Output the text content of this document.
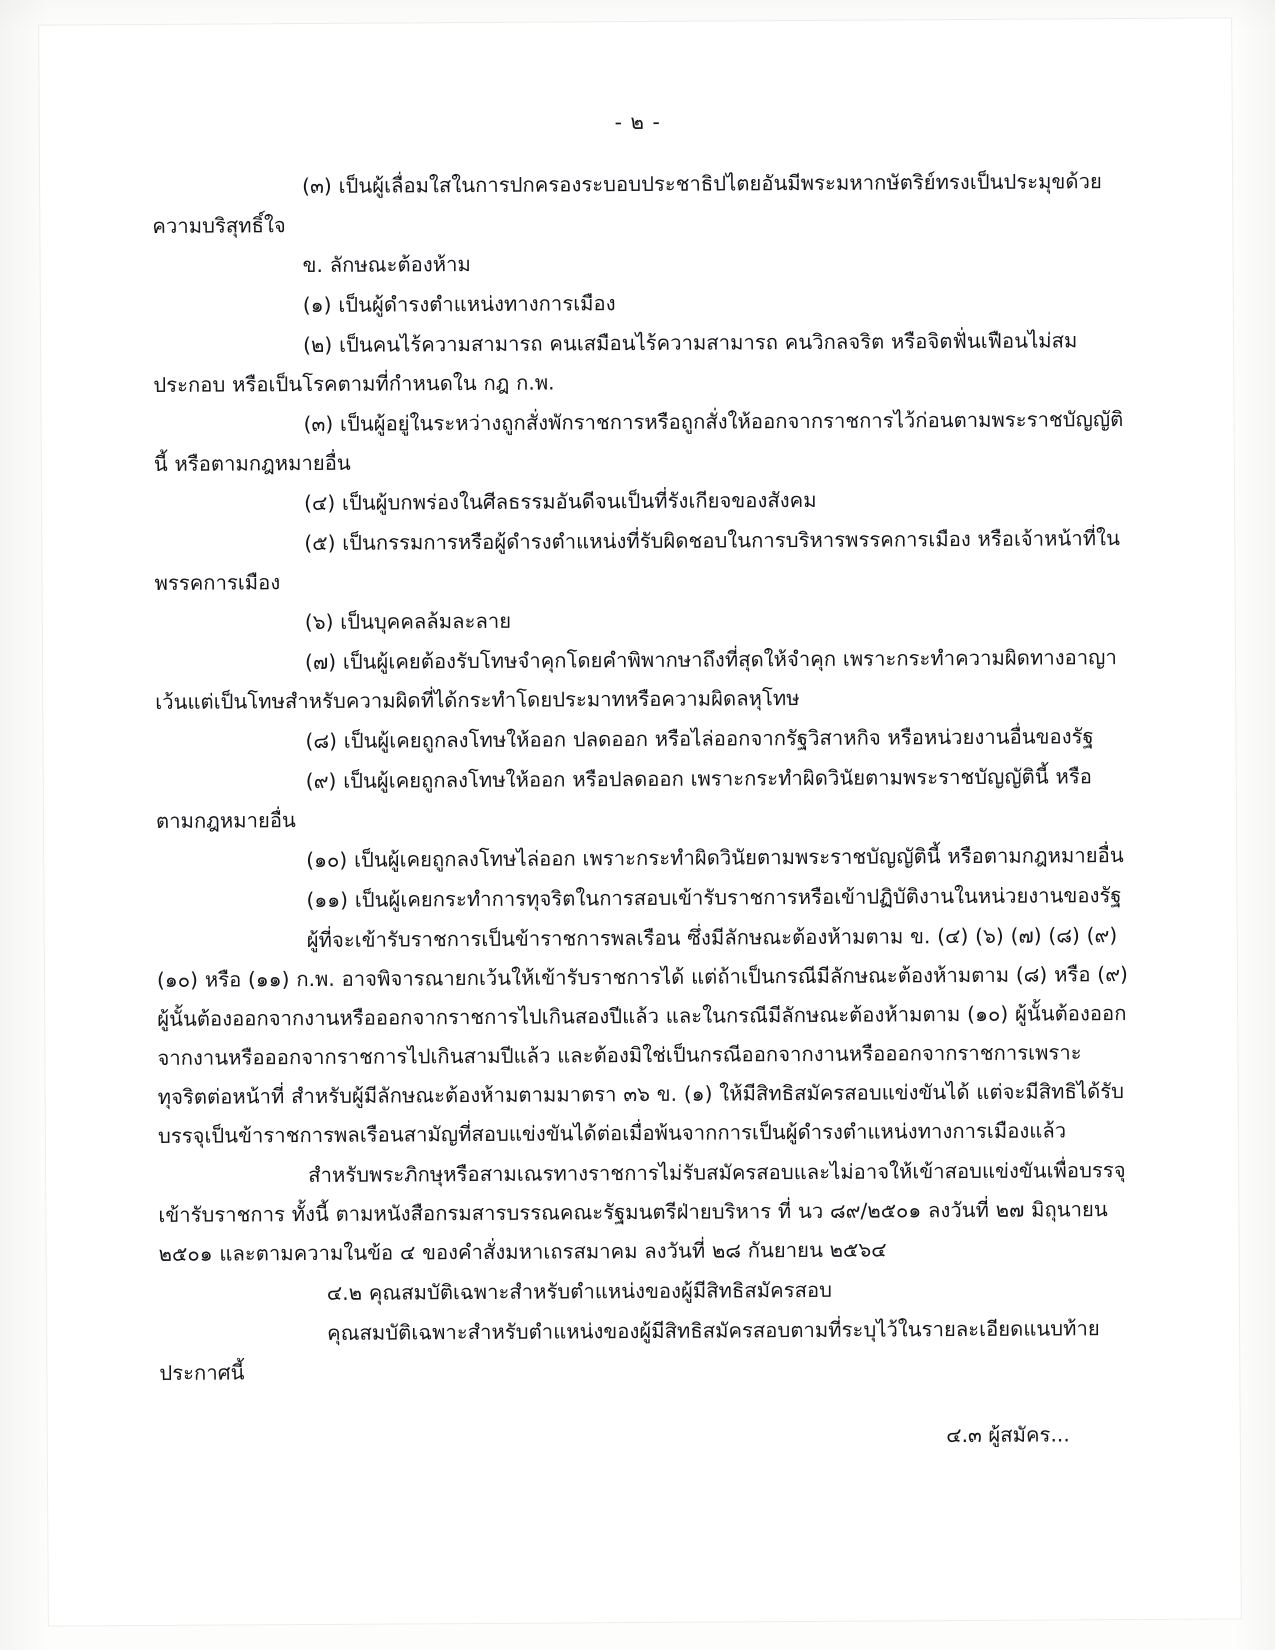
- ๒ -

(๓) เป็นผู้เลื่อมใสในการปกครองระบอบประชาธิปไตยอันมีพระมหากษัตริย์ทรงเป็นประมุขด้วยความบริสุทธิ์ใจ

ข. ลักษณะต้องห้าม

(๑) เป็นผู้ดำรงตำแหน่งทางการเมือง

(๒) เป็นคนไร้ความสามารถ คนเสมือนไร้ความสามารถ คนวิกลจริต หรือจิตฟั่นเฟือนไม่สมประกอบ หรือเป็นโรคตามที่กำหนดใน กฎ ก.พ.

(๓) เป็นผู้อยู่ในระหว่างถูกสั่งพักราชการหรือถูกสั่งให้ออกจากราชการไว้ก่อนตามพระราชบัญญัตินี้ หรือตามกฎหมายอื่น

(๔) เป็นผู้บกพร่องในศีลธรรมอันดีจนเป็นที่รังเกียจของสังคม

(๕) เป็นกรรมการหรือผู้ดำรงตำแหน่งที่รับผิดชอบในการบริหารพรรคการเมือง หรือเจ้าหน้าที่ในพรรคการเมือง

(๖) เป็นบุคคลล้มละลาย

(๗) เป็นผู้เคยต้องรับโทษจำคุกโดยคำพิพากษาถึงที่สุดให้จำคุก เพราะกระทำความผิดทางอาญา เว้นแต่เป็นโทษสำหรับความผิดที่ได้กระทำโดยประมาทหรือความผิดลหุโทษ

(๘) เป็นผู้เคยถูกลงโทษให้ออก ปลดออก หรือไล่ออกจากรัฐวิสาหกิจ หรือหน่วยงานอื่นของรัฐ

(๙) เป็นผู้เคยถูกลงโทษให้ออก หรือปลดออก เพราะกระทำผิดวินัยตามพระราชบัญญัตินี้ หรือตามกฎหมายอื่น

(๑๐) เป็นผู้เคยถูกลงโทษไล่ออก เพราะกระทำผิดวินัยตามพระราชบัญญัตินี้ หรือตามกฎหมายอื่น

(๑๑) เป็นผู้เคยกระทำการทุจริตในการสอบเข้ารับราชการหรือเข้าปฏิบัติงานในหน่วยงานของรัฐ

ผู้ที่จะเข้ารับราชการเป็นข้าราชการพลเรือน ซึ่งมีลักษณะต้องห้ามตาม ข. (๔) (๖) (๗) (๘) (๙) (๑๐) หรือ (๑๑) ก.พ. อาจพิจารณายกเว้นให้เข้ารับราชการได้ แต่ถ้าเป็นกรณีมีลักษณะต้องห้ามตาม (๘) หรือ (๙) ผู้นั้นต้องออกจากงานหรือออกจากราชการไปเกินสองปีแล้ว และในกรณีมีลักษณะต้องห้ามตาม (๑๐) ผู้นั้นต้องออกจากงานหรือออกจากราชการไปเกินสามปีแล้ว และต้องมิใช่เป็นกรณีออกจากงานหรือออกจากราชการเพราะทุจริตต่อหน้าที่ สำหรับผู้มีลักษณะต้องห้ามตามมาตรา ๓๖ ข. (๑) ให้มีสิทธิสมัครสอบแข่งขันได้ แต่จะมีสิทธิได้รับบรรจุเป็นข้าราชการพลเรือนสามัญที่สอบแข่งขันได้ต่อเมื่อพ้นจากการเป็นผู้ดำรงตำแหน่งทางการเมืองแล้ว

สำหรับพระภิกษุหรือสามเณรทางราชการไม่รับสมัครสอบและไม่อาจให้เข้าสอบแข่งขันเพื่อบรรจุเข้ารับราชการ ทั้งนี้ ตามหนังสือกรมสารบรรณคณะรัฐมนตรีฝ่ายบริหาร ที่ นว ๘๙/๒๕๐๑ ลงวันที่ ๒๗ มิถุนายน ๒๕๐๑ และตามความในข้อ ๔ ของคำสั่งมหาเถรสมาคม ลงวันที่ ๒๘ กันยายน ๒๕๖๔

๔.๒ คุณสมบัติเฉพาะสำหรับตำแหน่งของผู้มีสิทธิสมัครสอบ

คุณสมบัติเฉพาะสำหรับตำแหน่งของผู้มีสิทธิสมัครสอบตามที่ระบุไว้ในรายละเอียดแนบท้ายประกาศนี้

๔.๓ ผู้สมัคร...
